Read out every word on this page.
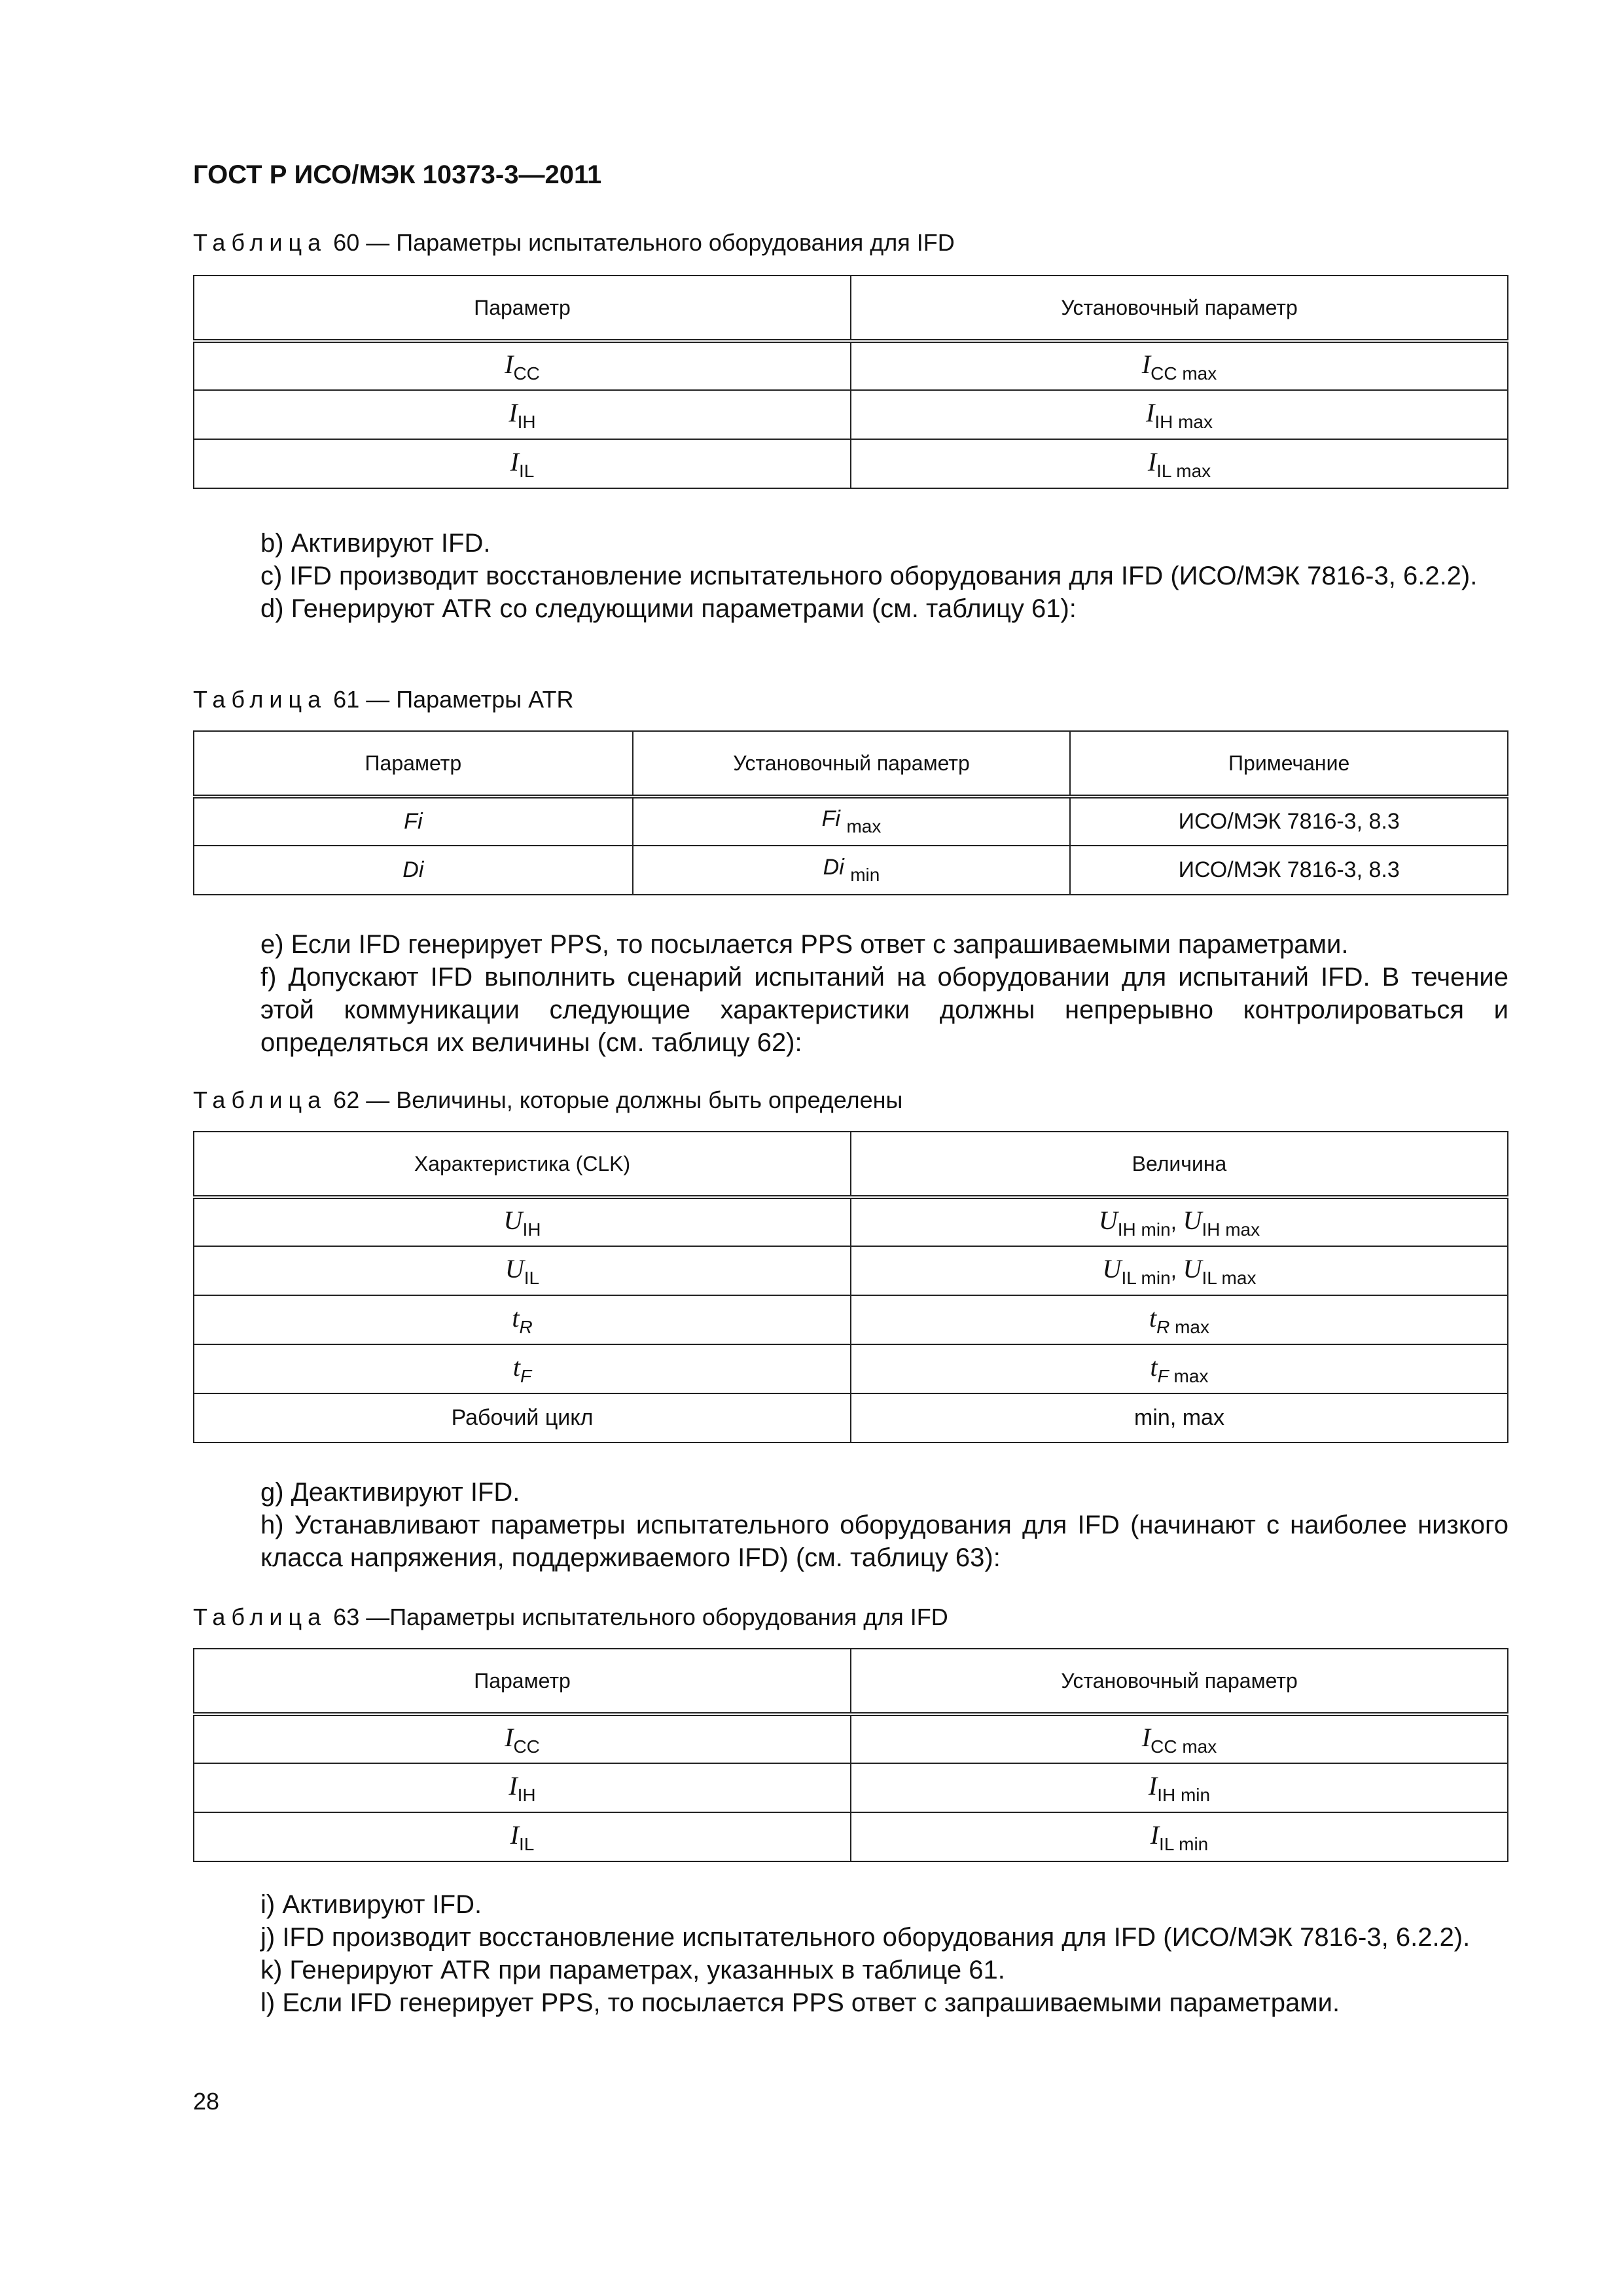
ГОСТ Р ИСО/МЭК 10373-3—2011
Таблица 60 — Параметры испытательного оборудования для IFD
Параметр	Установочный параметр
$I_{CC}$	$I_{CC max}$
$I_{IH}$	$I_{IH max}$
$I_{IL}$	$I_{IL max}$
b) Активируют IFD.
c) IFD производит восстановление испытательного оборудования для IFD (ИСО/МЭК 7816-3, 6.2.2).
d) Генерируют ATR со следующими параметрами (см. таблицу 61):
Таблица 61 — Параметры ATR
Параметр	Установочный параметр	Примечание
Fi	Fi $_{max}$	ИСО/МЭК 7816-3, 8.3
Di	Di $_{min}$	ИСО/МЭК 7816-3, 8.3
e) Если IFD генерирует PPS, то посылается PPS ответ с запрашиваемыми параметрами.
f) Допускают IFD выполнить сценарий испытаний на оборудовании для испытаний IFD. В течение этой коммуникации следующие характеристики должны непрерывно контролироваться и определяться их величины (см. таблицу 62):
Таблица 62 — Величины, которые должны быть определены
Характеристика (CLK)	Величина
$U_{IH}$	$U_{IH min}$, $U_{IH max}$
$U_{IL}$	$U_{IL min}$, $U_{IL max}$
$t_R$	$t_R$ $_{max}$
$t_F$	$t_F$ $_{max}$
Рабочий цикл	min, max
g) Деактивируют IFD.
h) Устанавливают параметры испытательного оборудования для IFD (начинают с наиболее низкого класса напряжения, поддерживаемого IFD) (см. таблицу 63):
Таблица 63 —Параметры испытательного оборудования для IFD
Параметр	Установочный параметр
$I_{CC}$	$I_{CC max}$
$I_{IH}$	$I_{IH min}$
$I_{IL}$	$I_{IL min}$
i) Активируют IFD.
j) IFD производит восстановление испытательного оборудования для IFD (ИСО/МЭК 7816-3, 6.2.2).
k) Генерируют ATR при параметрах, указанных в таблице 61.
l) Если IFD генерирует PPS, то посылается PPS ответ с запрашиваемыми параметрами.
28
